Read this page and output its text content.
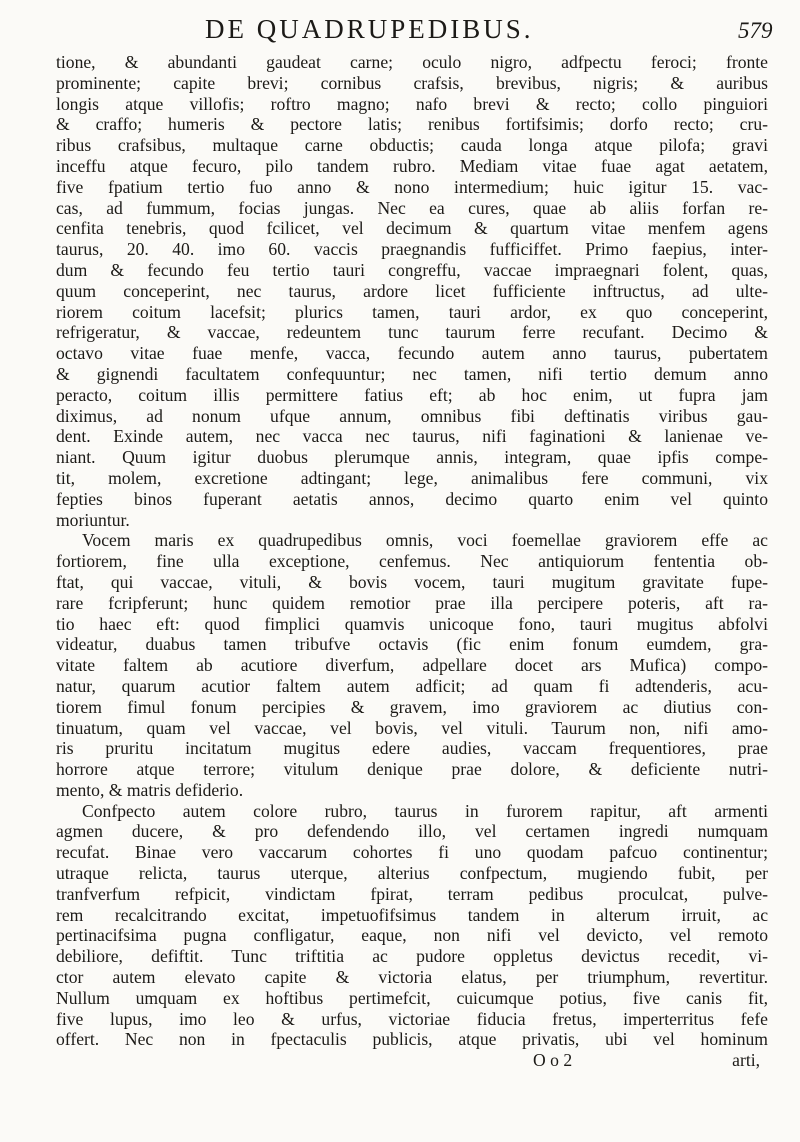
DE QUADRUPEDIBUS.	579
tione, & abundanti gaudeat carne; oculo nigro, adfpectu feroci; fronte
prominente; capite brevi; cornibus crafsis, brevibus, nigris; & auribus
longis atque villofis; roftro magno; nafo brevi & recto; collo pinguiori
& craffo; humeris & pectore latis; renibus fortifsimis; dorfo recto; cru-
ribus crafsibus, multaque carne obductis; cauda longa atque pilofa; gravi
inceffu atque fecuro, pilo tandem rubro. Mediam vitae fuae agat aetatem,
five fpatium tertio fuo anno & nono intermedium; huic igitur 15. vac-
cas, ad fummum, focias jungas. Nec ea cures, quae ab aliis forfan re-
cenfita tenebris, quod fcilicet, vel decimum & quartum vitae menfem agens
taurus, 20. 40. imo 60. vaccis praegnandis fufficiffet. Primo faepius, inter-
dum & fecundo feu tertio tauri congreffu, vaccae impraegnari folent, quas,
quum conceperint, nec taurus, ardore licet fufficiente inftructus, ad ulte-
riorem coitum lacefsit; plurics tamen, tauri ardor, ex quo conceperint,
refrigeratur, & vaccae, redeuntem tunc taurum ferre recufant. Decimo &
octavo vitae fuae menfe, vacca, fecundo autem anno taurus, pubertatem
& gignendi facultatem confequuntur; nec tamen, nifi tertio demum anno
peracto, coitum illis permittere fatius eft; ab hoc enim, ut fupra jam
diximus, ad nonum ufque annum, omnibus fibi deftinatis viribus gau-
dent. Exinde autem, nec vacca nec taurus, nifi faginationi & lanienae ve-
niant. Quum igitur duobus plerumque annis, integram, quae ipfis compe-
tit, molem, excretione adtingant; lege, animalibus fere communi, vix
fepties binos fuperant aetatis annos, decimo quarto enim vel quinto
moriuntur.
Vocem maris ex quadrupedibus omnis, voci foemellae graviorem effe ac
fortiorem, fine ulla exceptione, cenfemus. Nec antiquiorum fententia ob-
ftat, qui vaccae, vituli, & bovis vocem, tauri mugitum gravitate fupe-
rare fcripferunt; hunc quidem remotior prae illa percipere poteris, aft ra-
tio haec eft: quod fimplici quamvis unicoque fono, tauri mugitus abfolvi
videatur, duabus tamen tribufve octavis (fic enim fonum eumdem, gra-
vitate faltem ab acutiore diverfum, adpellare docet ars Mufica) compo-
natur, quarum acutior faltem autem adficit; ad quam fi adtenderis, acu-
tiorem fimul fonum percipies & gravem, imo graviorem ac diutius con-
tinuatum, quam vel vaccae, vel bovis, vel vituli. Taurum non, nifi amo-
ris pruritu incitatum mugitus edere audies, vaccam frequentiores, prae
horrore atque terrore; vitulum denique prae dolore, & deficiente nutri-
mento, & matris defiderio.
Confpecto autem colore rubro, taurus in furorem rapitur, aft armenti
agmen ducere, & pro defendendo illo, vel certamen ingredi numquam
recufat. Binae vero vaccarum cohortes fi uno quodam pafcuo continentur;
utraque relicta, taurus uterque, alterius confpectum, mugiendo fubit, per
tranfverfum refpicit, vindictam fpirat, terram pedibus proculcat, pulve-
rem recalcitrando excitat, impetuofifsimus tandem in alterum irruit, ac
pertinacifsima pugna confligatur, eaque, non nifi vel devicto, vel remoto
debiliore, defiftit. Tunc triftitia ac pudore oppletus devictus recedit, vi-
ctor autem elevato capite & victoria elatus, per triumphum, revertitur.
Nullum umquam ex hoftibus pertimefcit, cuicumque potius, five canis fit,
five lupus, imo leo & urfus, victoriae fiducia fretus, imperterritus fefe
offert. Nec non in fpectaculis publicis, atque privatis, ubi vel hominum
O o 2	arti,
